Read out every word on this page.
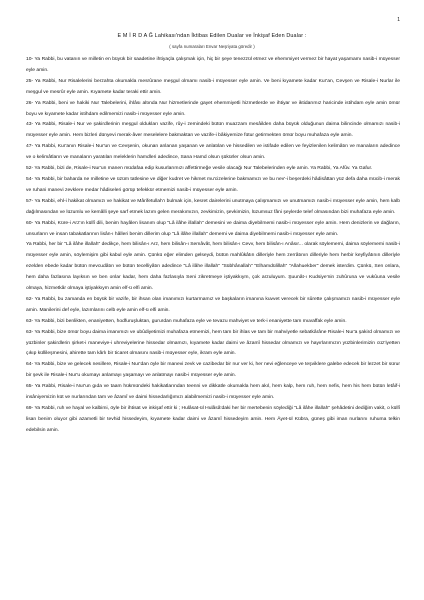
1
E M İ R D A Ğ Lahikası'ndan İktibas Edilen Dualar ve İnkişaf Eden Dualar :
( sayfa numaraları Envar Neşriyata göredir )

10- Ya Rabbi, bu vatanın ve milletin en büyük bir saadetine ihtiyaçla çalışmak için, hiç bir şeye tenezzül etmez ve ehemmiyet vermez bir hayat yaşamamı nasib-i müyesser eyle amin.

25- Ya Rabbi, Nur Risalelerini berzahta okumakla mesrûrane meşgul olmamı nasib-i müyesser eyle amin. Ve beni kıyamete kadar Kur'an, Cevşen ve Risale-i Nurlar ile meşgul ve mesrûr eyle amin. Kıyamete kadar teraki ettir amin.

26- Ya Rabbi, beni ve hakiki Nur Talebelerini, ihlâsı altında Nur hizmetlerinde gayet ehemmiyetli hizmetlerde ve ihtiyar ve iktidarımız haricinde istihdam eyle amin ömür boyu ve kıyamete kadar istihdam edilmemizi nasib-i müyesser eyle amin.

43- Ya Rabbi, Risale-i Nur ve şakirdlerinin meşgul oldukları vazife, rûy-i zemindeki bütün muazzam mesâilden daha büyük olduğunun daima bilincinde olmamızı nasib-i müyesser eyle amin. Hem bizleri dünyevi merak-âver meselelere bakmaktan ve vazife-i bâkiyemize fütur getirmekten ömür boyu muhafaza eyle amin.

47- Ya Rabbi, Kur'anın Risale-i Nur'un ve Cevşenin, okunan anlanan yaşanan ve anlatılan ve hissedilen ve istifade edilen ve feyizlenilen kelimâtın ve manaların adedince ve o kelimâtların ve manaların yaratılan meleklerin hamdleri adedince, Sana Hamd olsun şükürler olsun amin.

52- Ya Rabbi, bizi de, Risale-i Nur'un manen müdafaa edip kusurlarımızı affettirmeğe vesile olacağı Nur Talebelerinden eyle amin. Ya Rabbi, Ya Afûv. Ya Gafur.

54- Ya Rabbi, bir baharda ne milletine ve üzüm tatlesine ve diğer kudret ve hikmet mu'cizelerine bakmamızı ve bu nev'-i beşerdeki hâdisâttan yüz defa daha mücib-i merak ve ruhani manevi zevklere medar hâdiseleri görüp tefekkür etmemizi nasib-i müyesser eyle amin.

57- Ya Rabbi, ehl-i hakikat olmamızı ve hakikat ve Mârifetullah'ı bulmak için, kesret dairelerini unutmaya çalışmamızı ve unutmamızı nasib-i müyesser eyle amin, hem kalb dağılmasından ve lüzumlu ve kemâlli şeye sarf etmek lazım gelen merakımızın, zevkimizin, şevkimizin, lüzumsuz fâni şeylerde telef olmasından bizi muhafaza eyle amin.

60- Ya Rabbi, Küre-i Arz'ın küllî dili, benim hayâlen lisanım olup "Lâ ilâhe illallah" demesini ve daima diyebilmemi nasib-i müyesser eyle amin. Hem denizlerin ve dağların, unsurların ve insan tabakatlarının lisân-ı hâlleri benim dillerim olup "Lâ ilâhe illallah" dememi ve daima diyebilmemi nasib-i müyesser eyle amin.

Ya Rabbi, her bir "Lâ ilâhe illallah" dedikçe, hem bilisân-ı Arz, hem bilisân-ı Semâvât, hem bilisân-ı Cevv, hem bilisân-ı Anâsır... olarak söylememi, daima söylememi nasib-i müyesser eyle amin, söylemişim gibi kabul eyle amin. Çünkü eğer elimden gelseydi, bütün mahlûkâtın dilleriyle hem zerrâtının dilleriyle hem herbir keyfiyâtının dilleriyle ezelden ebede kadar bütün mevcudâtın ve bütün tecelliyâtın adedince "Lâ ilâhe illallah" "Sübhânallah" "Elhamdülillah" "Allahuekber" demek isterdim. Çünkü, Sen onlara, hem daha fazlasına layıksın ve ben onlar kadar, hem daha fazlasıyla Seni zikretmeye iştiyakkıym, çok arzuluyum. Şuunât-ı Kudsiye'nin zuhûruna ve vukûuna vesile olmaya, hizmetkâr olmaya iştiyakkıym amin elf-ü elfi amin.

62- Ya Rabbi, bu zamanda en büyük bir vazife, bir ihsan olan imanımızı kurtarmamız ve başkaların imanına kuvvet verecek bir sûrette çalışmamızı nasib-i müyesser eyle amin. Manilerini def eyle, lazımlarını celb eyle amin elf-ü elfi amin.

63- Ya Rabbi, bizi benlikten, enaniyetten, hodfuruşluktan, gururdan muhafaza eyle ve tevazu mahviyet ve terk-i enaniyette tam muvaffak eyle amin.

63- Ya Rabbi, bize ömür boyu daima imanımızı ve ubûdiyetimizi muhafaza etmemizi, hem tam bir ihlas ve tam bir mahviyetle sebatkârâne Risale-i Nur'a şakird olmamızı ve yüzbinler şakirdlerin şirket-i maneviye-i uhreviyelerine hissedar olmamızı, kıyamete kadar daimi ve âzamî hissedar olmamızı ve hayırlarımızın yüzbinlerimizin cüz'iyetten çıkıp küllileşmesini, ahirette tam kârlı bir ticaret olmasını nasib-i müyesser eyle, ikram eyle amin.

64- Ya Rabbi, bize ve gelecek nesillere, Risale-i Nur'dan öyle bir manevi zevk ve cazibedar bir nur ver ki, her nevi eğlenceye ve teşviklere galebe edecek bir lezzet bir sürur bir şevk ile Risale-i Nur'u okumayı anlamayı yaşamayı ve anlatmayı nasib-i müyesser eyle amin.

65- Ya Rabbi, Risale-i Nur'un gıda ve taam hükmündeki hakikatlarından teenni ve dikkatle okumakla hem akıl, hem kalp, hem ruh, hem nefis, hem his hem bütün letâif-i insâniyemizin küt ve nurlarından tam ve âzamî ve daimi hissedarlığımızı alabilmemizi nasib-i müyesser eyle amin.

69- Ya Rabbi, ruh ve hayal ve kalbimi, öyle bir ihtisat ve inkişaf ettir ki ; Hulâsat-ül Hulâsâ'daki her bir mertebenin söylediği "Lâ ilâhe illallah" şehâdetini dediğim vakit, o küllî lisan benim oluyor gibi azametli bir tevhid hissedeyim, kıyamete kadar daimi ve âzamî hissedeyim amin. Hem Âyet-ül Kübra, güneş gibi iman nurlarını ruhuma telkin edebilsin amin.
